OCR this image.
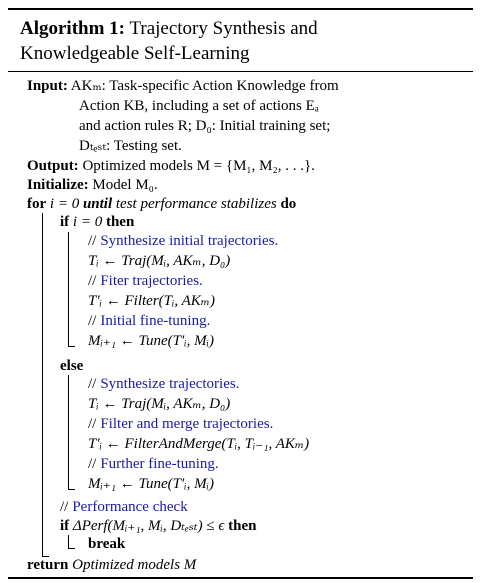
Algorithm 1: Trajectory Synthesis and
Knowledgeable Self-Learning
Input: AKₘ: Task-specific Action Knowledge from
Action KB, including a set of actions Eₐ
and action rules R; D₀: Initial training set;
Dₜₑₛₜ: Testing set.
Output: Optimized models M = {M₁, M₂, . . .}.
Initialize: Model M₀.
for i = 0 until test performance stabilizes do
if i = 0 then
// Synthesize initial trajectories.
Tᵢ ← Traj(Mᵢ, AKₘ, D₀)
// Fiter trajectories.
T′ᵢ ← Filter(Tᵢ, AKₘ)
// Initial fine-tuning.
Mᵢ₊₁ ← Tune(T′ᵢ, Mᵢ)
else
// Synthesize trajectories.
Tᵢ ← Traj(Mᵢ, AKₘ, D₀)
// Filter and merge trajectories.
T′ᵢ ← FilterAndMerge(Tᵢ, Tᵢ₋₁, AKₘ)
// Further fine-tuning.
Mᵢ₊₁ ← Tune(T′ᵢ, Mᵢ)
// Performance check
if ΔPerf(Mᵢ₊₁, Mᵢ, Dₜₑₛₜ) ≤ ϵ then
break
return Optimized models M
